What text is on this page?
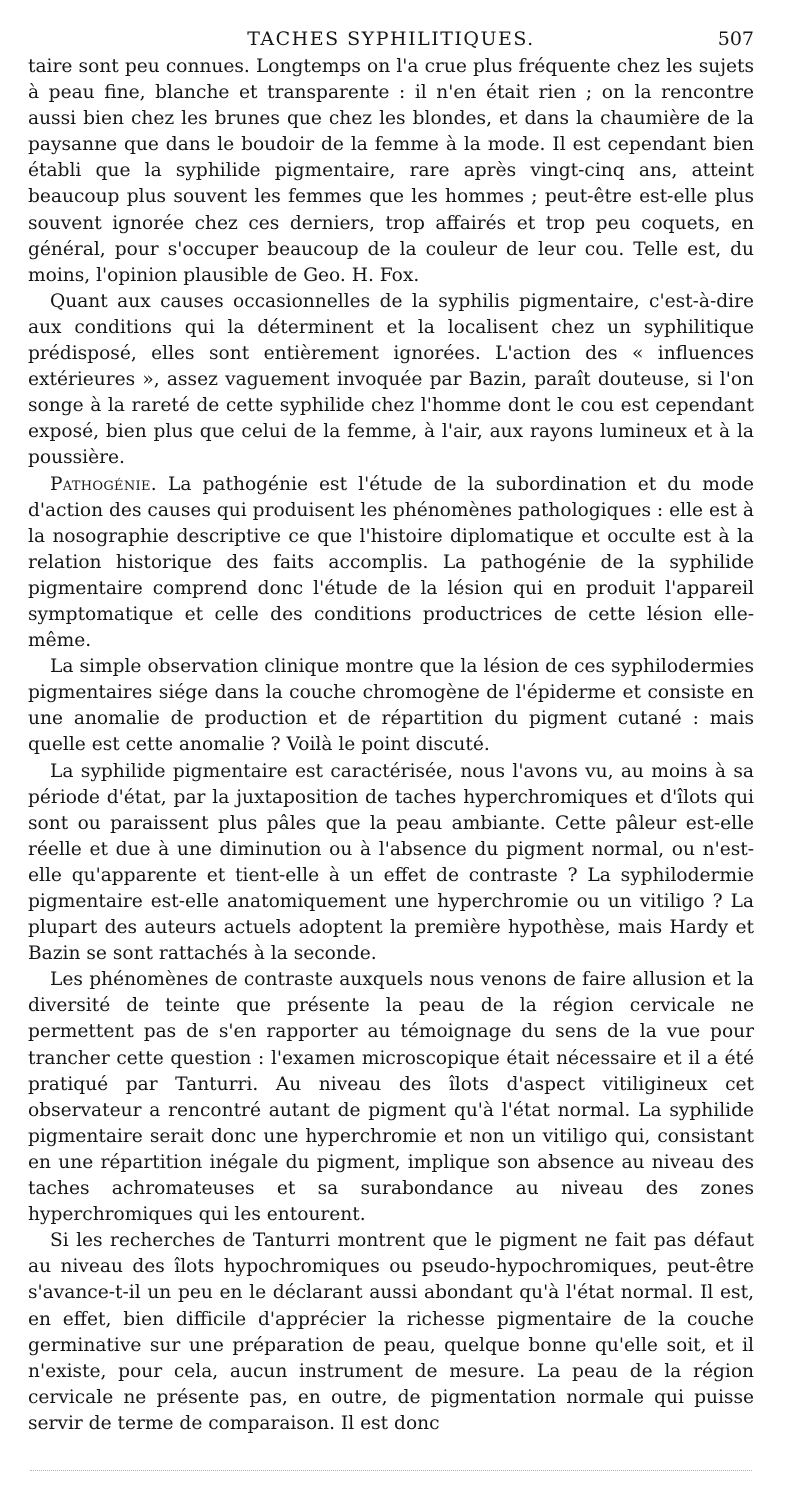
TACHES SYPHILITIQUES.	507

taire sont peu connues. Longtemps on l'a crue plus fréquente chez les sujets à peau fine, blanche et transparente : il n'en était rien ; on la rencontre aussi bien chez les brunes que chez les blondes, et dans la chaumière de la paysanne que dans le boudoir de la femme à la mode. Il est cependant bien établi que la syphilide pigmentaire, rare après vingt-cinq ans, atteint beaucoup plus souvent les femmes que les hommes ; peut-être est-elle plus souvent ignorée chez ces derniers, trop affairés et trop peu coquets, en général, pour s'occuper beaucoup de la couleur de leur cou. Telle est, du moins, l'opinion plausible de Geo. H. Fox.

Quant aux causes occasionnelles de la syphilis pigmentaire, c'est-à-dire aux conditions qui la déterminent et la localisent chez un syphilitique prédisposé, elles sont entièrement ignorées. L'action des « influences extérieures », assez vaguement invoquée par Bazin, paraît douteuse, si l'on songe à la rareté de cette syphilide chez l'homme dont le cou est cependant exposé, bien plus que celui de la femme, à l'air, aux rayons lumineux et à la poussière.

Pathogénie. La pathogénie est l'étude de la subordination et du mode d'action des causes qui produisent les phénomènes pathologiques : elle est à la nosographie descriptive ce que l'histoire diplomatique et occulte est à la relation historique des faits accomplis. La pathogénie de la syphilide pigmentaire comprend donc l'étude de la lésion qui en produit l'appareil symptomatique et celle des conditions productrices de cette lésion elle-même.

La simple observation clinique montre que la lésion de ces syphilodermies pigmentaires siége dans la couche chromogène de l'épiderme et consiste en une anomalie de production et de répartition du pigment cutané : mais quelle est cette anomalie ? Voilà le point discuté.

La syphilide pigmentaire est caractérisée, nous l'avons vu, au moins à sa période d'état, par la juxtaposition de taches hyperchromiques et d'îlots qui sont ou paraissent plus pâles que la peau ambiante. Cette pâleur est-elle réelle et due à une diminution ou à l'absence du pigment normal, ou n'est-elle qu'apparente et tient-elle à un effet de contraste ? La syphilodermie pigmentaire est-elle anatomiquement une hyperchromie ou un vitiligo ? La plupart des auteurs actuels adoptent la première hypothèse, mais Hardy et Bazin se sont rattachés à la seconde.

Les phénomènes de contraste auxquels nous venons de faire allusion et la diversité de teinte que présente la peau de la région cervicale ne permettent pas de s'en rapporter au témoignage du sens de la vue pour trancher cette question : l'examen microscopique était nécessaire et il a été pratiqué par Tanturri. Au niveau des îlots d'aspect vitiligineux cet observateur a rencontré autant de pigment qu'à l'état normal. La syphilide pigmentaire serait donc une hyperchromie et non un vitiligo qui, consistant en une répartition inégale du pigment, implique son absence au niveau des taches achromateuses et sa surabondance au niveau des zones hyperchromiques qui les entourent.

Si les recherches de Tanturri montrent que le pigment ne fait pas défaut au niveau des îlots hypochromiques ou pseudo-hypochromiques, peut-être s'avance-t-il un peu en le déclarant aussi abondant qu'à l'état normal. Il est, en effet, bien difficile d'apprécier la richesse pigmentaire de la couche germinative sur une préparation de peau, quelque bonne qu'elle soit, et il n'existe, pour cela, aucun instrument de mesure. La peau de la région cervicale ne présente pas, en outre, de pigmentation normale qui puisse servir de terme de comparaison. Il est donc
